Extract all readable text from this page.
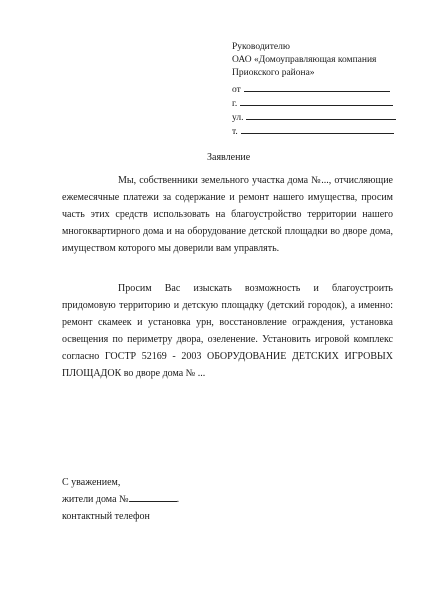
Руководителю
ОАО «Домоуправляющая компания
Приокского района»
от
г.
ул.
т.
Заявление
Мы, собственники земельного участка дома №..., отчисляющие ежемесячные платежи за содержание и ремонт нашего имущества, просим часть этих средств использовать на благоустройство территории нашего многоквартирного дома и на оборудование детской площадки во дворе дома, имуществом которого мы доверили вам управлять.
Просим Вас изыскать возможность и благоустроить придомовую территорию и детскую площадку (детский городок), а именно: ремонт скамеек и установка урн, восстановление ограждения, установка освещения по периметру двора, озеленение. Установить игровой комплекс согласно ГОСТР 52169 - 2003 ОБОРУДОВАНИЕ ДЕТСКИХ ИГРОВЫХ ПЛОЩАДОК во дворе дома № ...
С уважением,
жители дома №	.
контактный телефон
